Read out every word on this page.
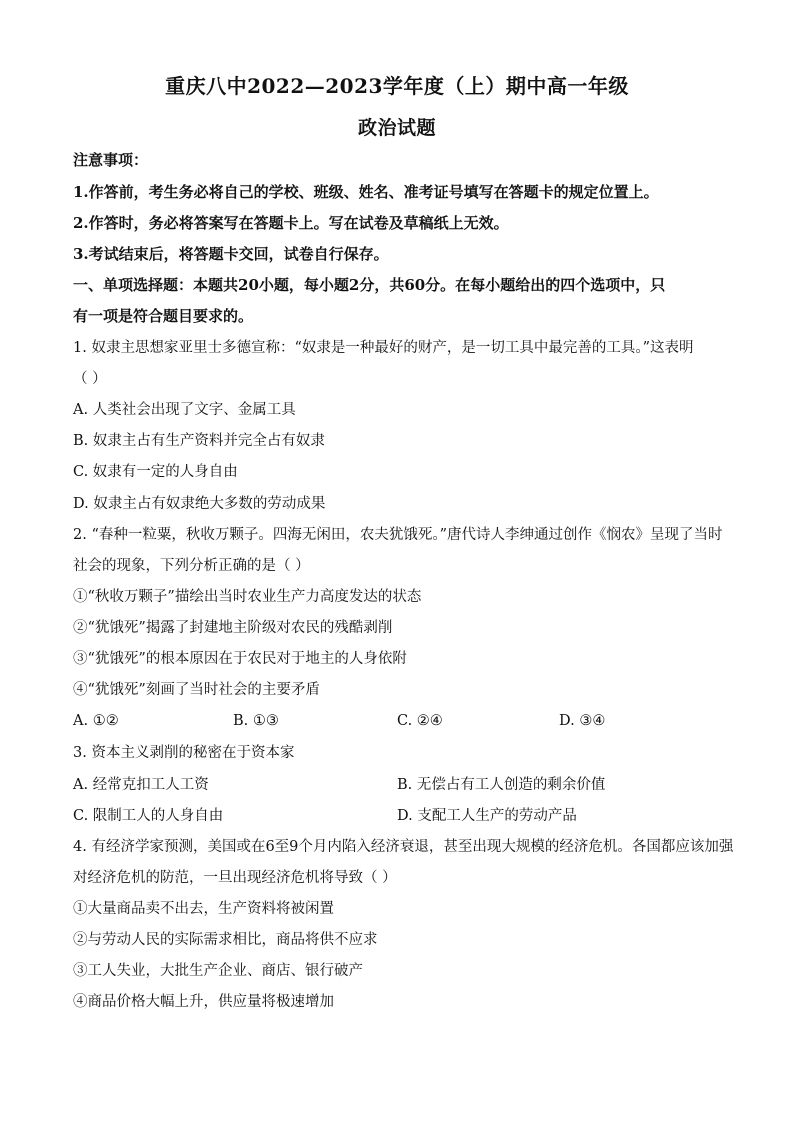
重庆八中2022—2023学年度（上）期中高一年级
政治试题
注意事项：
1.作答前，考生务必将自己的学校、班级、姓名、准考证号填写在答题卡的规定位置上。
2.作答时，务必将答案写在答题卡上。写在试卷及草稿纸上无效。
3.考试结束后，将答题卡交回，试卷自行保存。
一、单项选择题：本题共20小题，每小题2分，共60分。在每小题给出的四个选项中，只
有一项是符合题目要求的。
1. 奴隶主思想家亚里士多德宣称：“奴隶是一种最好的财产，是一切工具中最完善的工具。”这表明
（ ）
A. 人类社会出现了文字、金属工具
B. 奴隶主占有生产资料并完全占有奴隶
C. 奴隶有一定的人身自由
D. 奴隶主占有奴隶绝大多数的劳动成果
2. “春种一粒粟，秋收万颗子。四海无闲田，农夫犹饿死。”唐代诗人李绅通过创作《悯农》呈现了当时
社会的现象，下列分析正确的是（ ）
①“秋收万颗子”描绘出当时农业生产力高度发达的状态
②“犹饿死”揭露了封建地主阶级对农民的残酷剥削
③“犹饿死”的根本原因在于农民对于地主的人身依附
④“犹饿死”刻画了当时社会的主要矛盾
A. ①②	B. ①③	C. ②④	D. ③④
3. 资本主义剥削的秘密在于资本家
A. 经常克扣工人工资	B. 无偿占有工人创造的剩余价值
C. 限制工人的人身自由	D. 支配工人生产的劳动产品
4. 有经济学家预测，美国或在6至9个月内陷入经济衰退，甚至出现大规模的经济危机。各国都应该加强
对经济危机的防范，一旦出现经济危机将导致（ ）
①大量商品卖不出去，生产资料将被闲置
②与劳动人民的实际需求相比，商品将供不应求
③工人失业，大批生产企业、商店、银行破产
④商品价格大幅上升，供应量将极速增加
